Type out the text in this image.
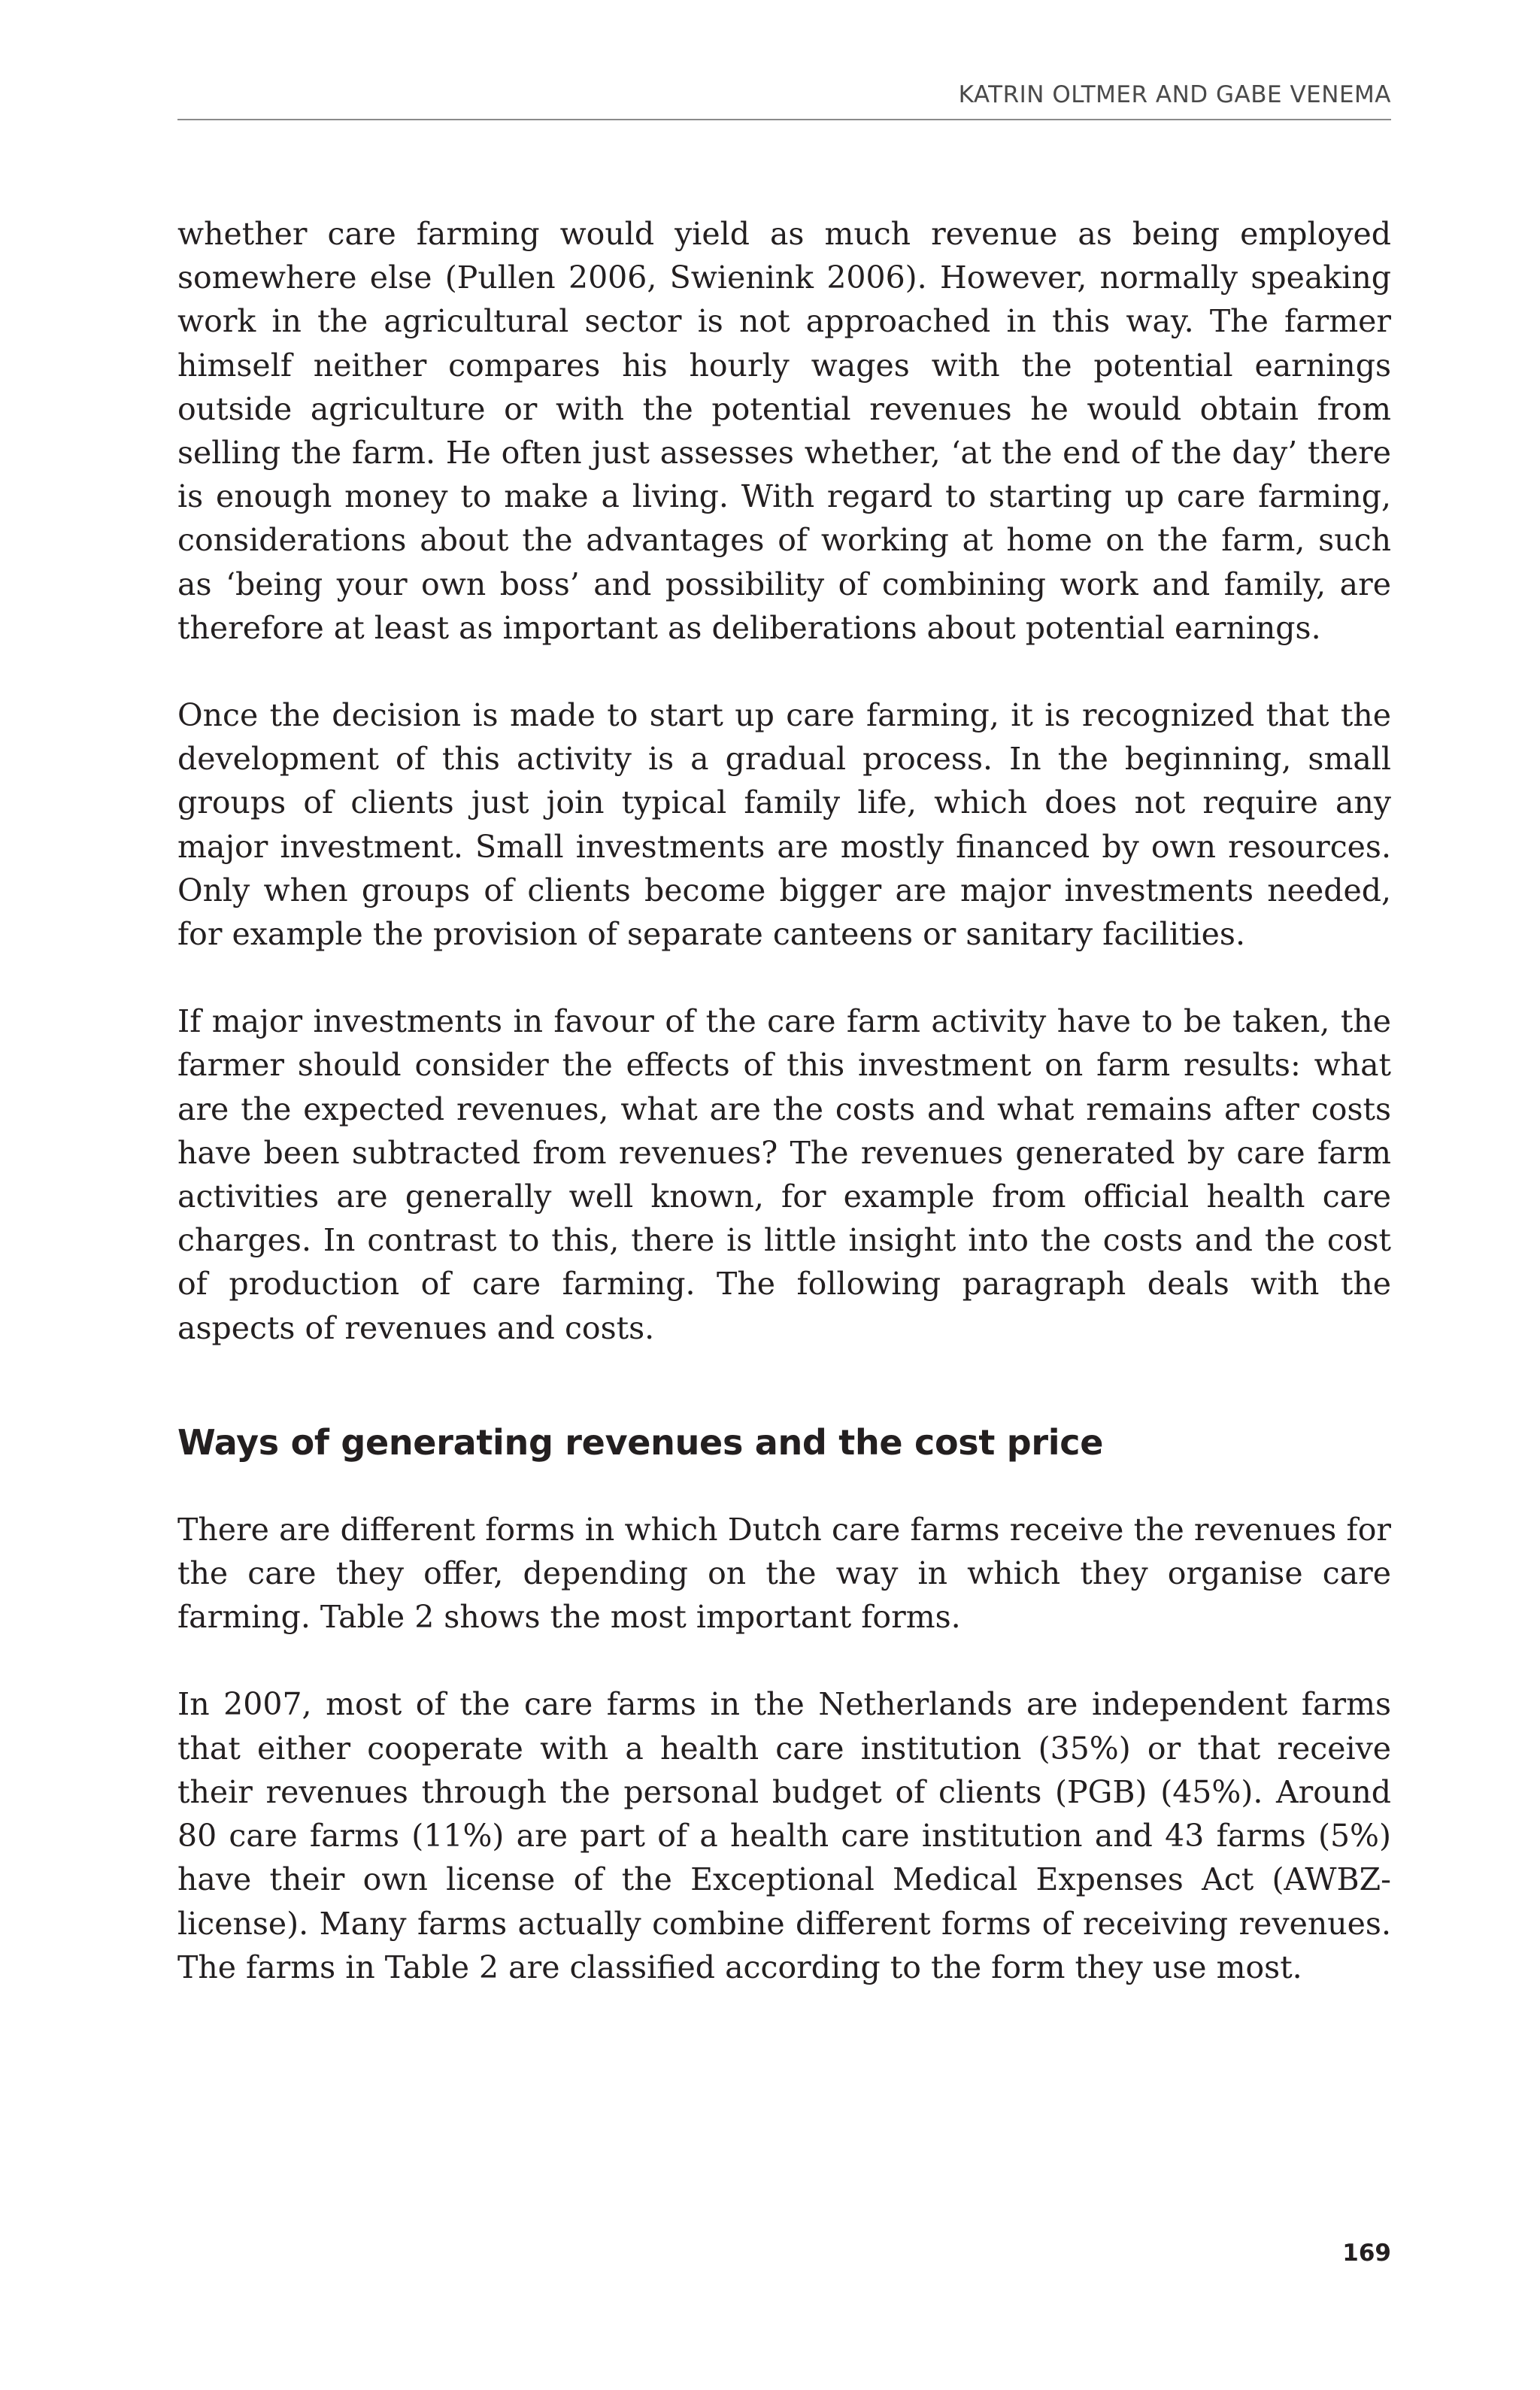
KATRIN OLTMER AND GABE VENEMA

whether care farming would yield as much revenue as being employed somewhere else (Pullen 2006, Swienink 2006). However, normally speaking work in the agricultural sector is not approached in this way. The farmer himself neither compares his hourly wages with the potential earnings outside agriculture or with the potential revenues he would obtain from selling the farm. He often just assesses whether, ‘at the end of the day’ there is enough money to make a living. With regard to starting up care farming, considerations about the advantages of working at home on the farm, such as ‘being your own boss’ and possibility of combining work and family, are therefore at least as important as deliberations about potential earnings.

Once the decision is made to start up care farming, it is recognized that the development of this activity is a gradual process. In the beginning, small groups of clients just join typical family life, which does not require any major investment. Small investments are mostly financed by own resources. Only when groups of clients become bigger are major investments needed, for example the provision of separate canteens or sanitary facilities.

If major investments in favour of the care farm activity have to be taken, the farmer should consider the effects of this investment on farm results: what are the expected revenues, what are the costs and what remains after costs have been subtracted from revenues? The revenues generated by care farm activities are generally well known, for example from official health care charges. In contrast to this, there is little insight into the costs and the cost of production of care farming. The following paragraph deals with the aspects of revenues and costs.

Ways of generating revenues and the cost price

There are different forms in which Dutch care farms receive the revenues for the care they offer, depending on the way in which they organise care farming. Table 2 shows the most important forms.

In 2007, most of the care farms in the Netherlands are independent farms that either cooperate with a health care institution (35%) or that receive their revenues through the personal budget of clients (PGB) (45%). Around 80 care farms (11%) are part of a health care institution and 43 farms (5%) have their own license of the Exceptional Medical Expenses Act (AWBZ-license). Many farms actually combine different forms of receiving revenues. The farms in Table 2 are classified according to the form they use most.

169
